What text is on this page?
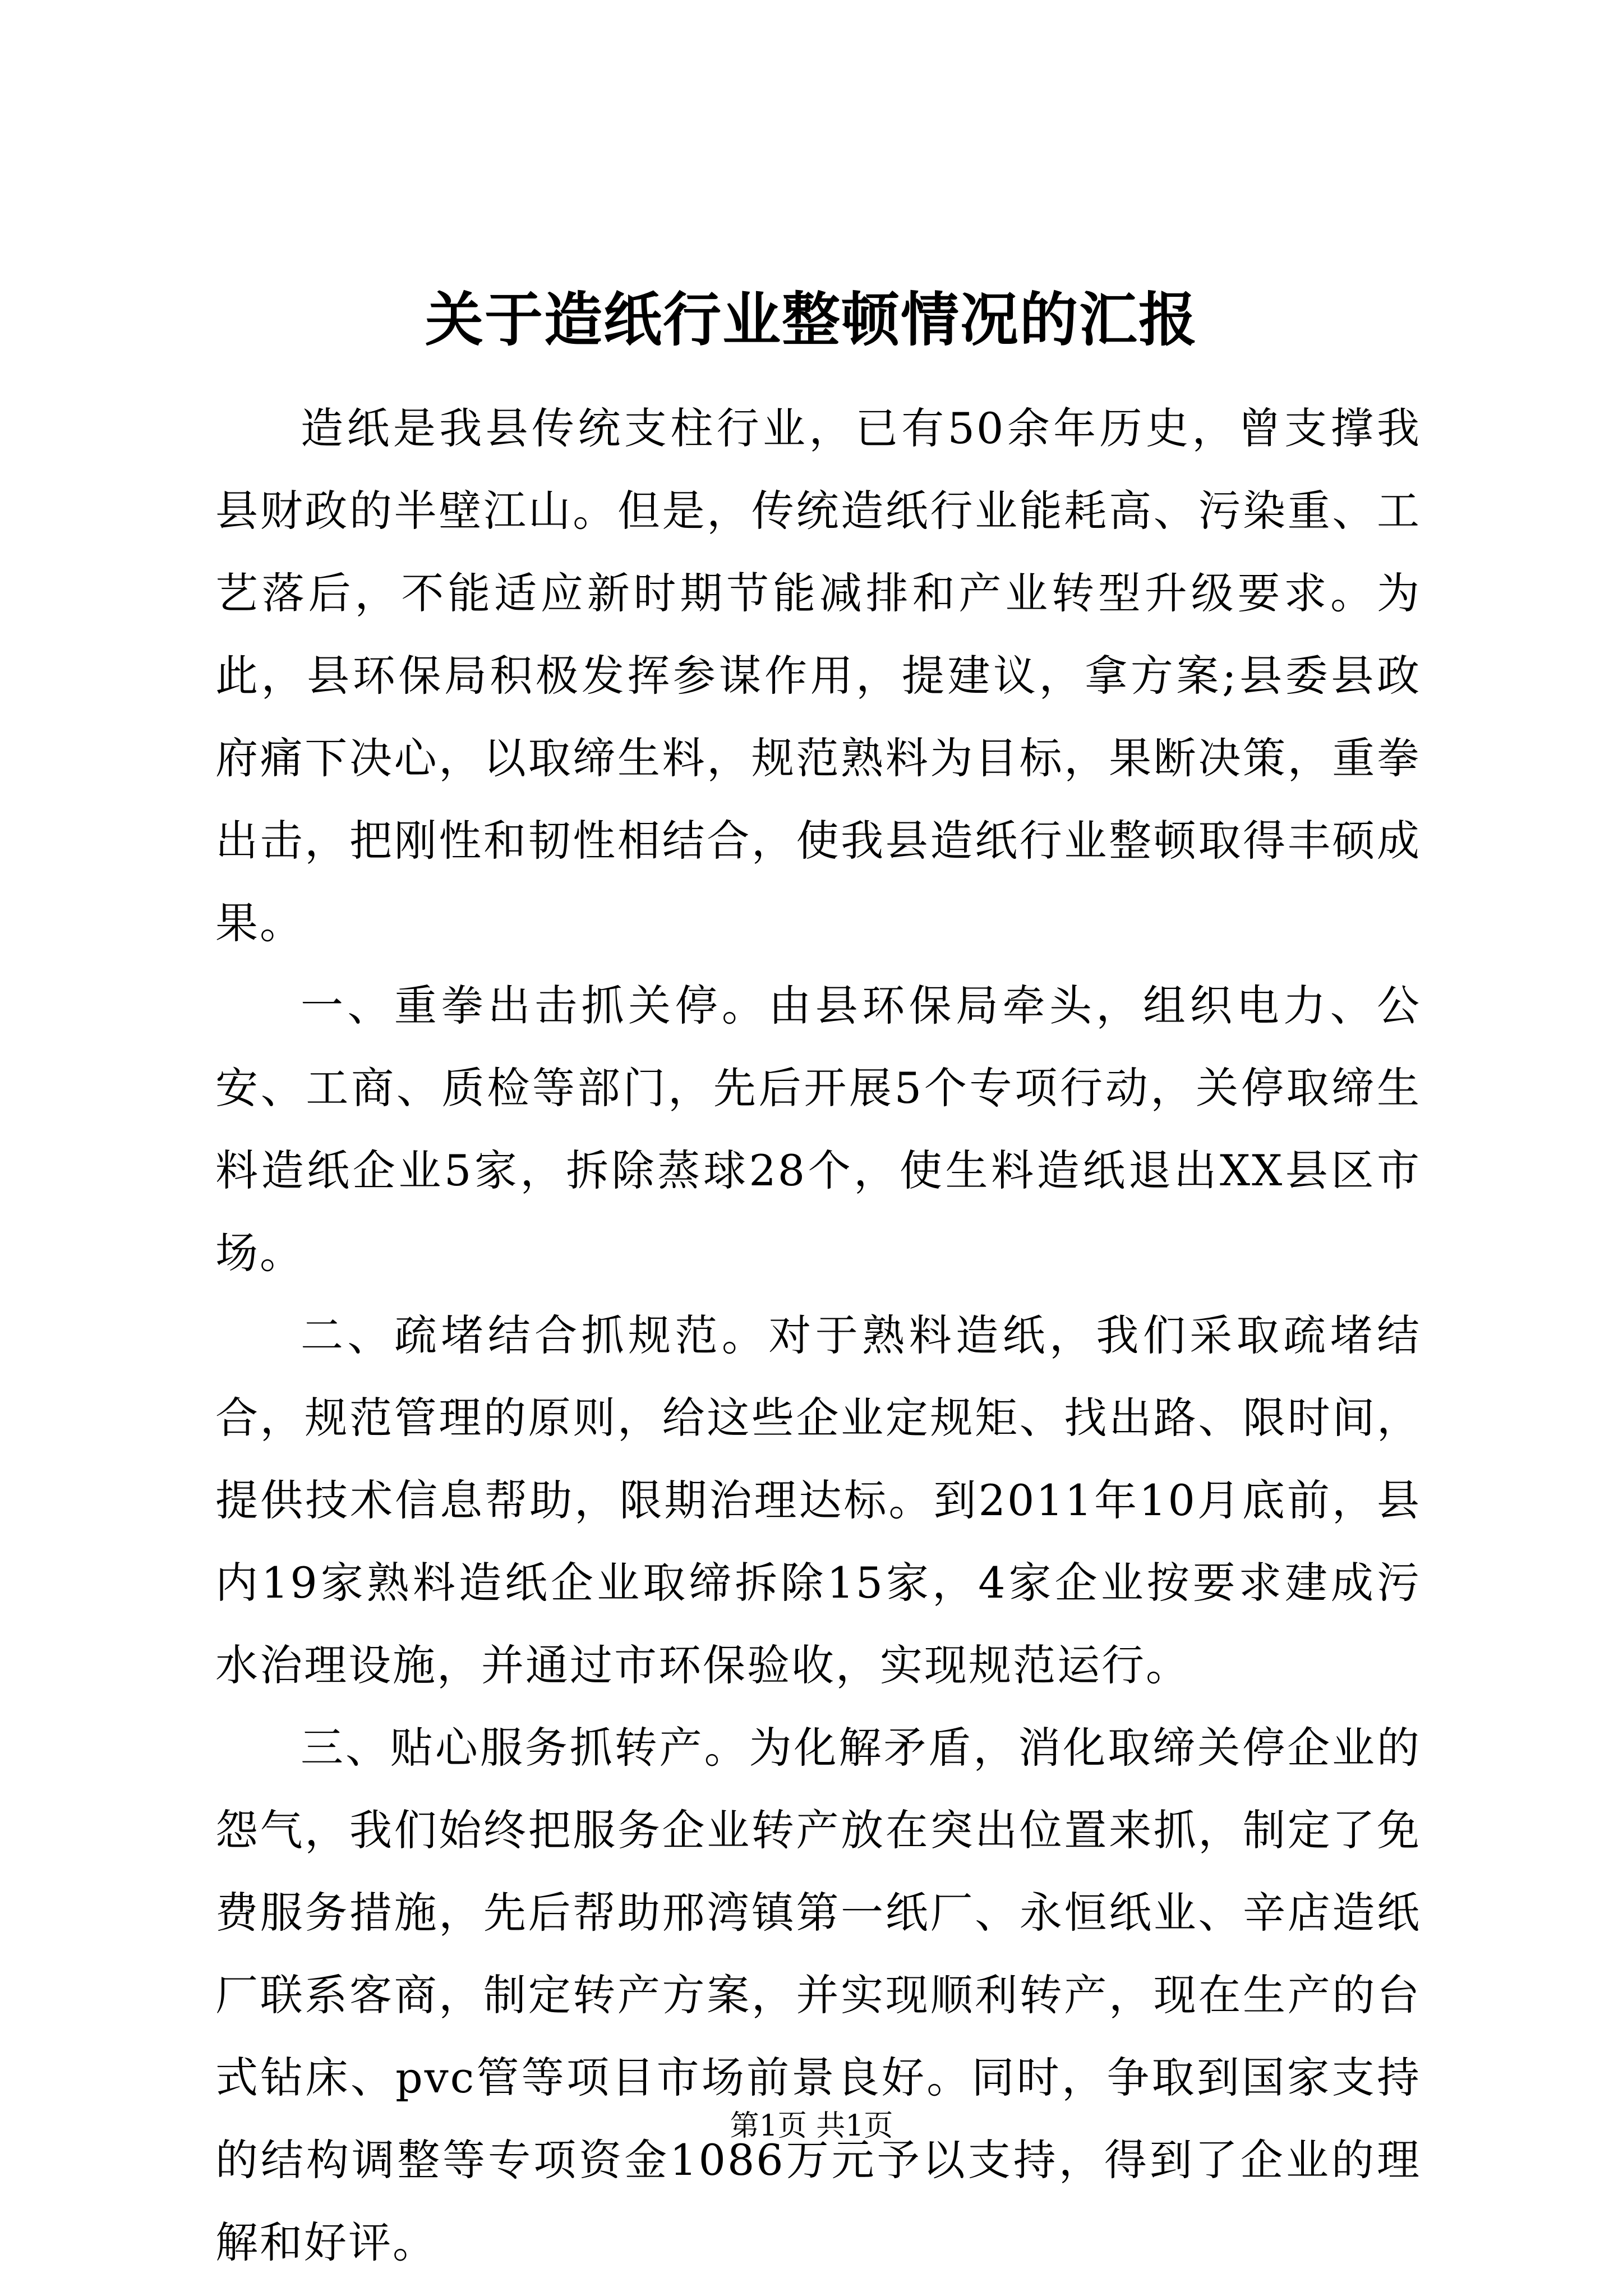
关于造纸行业整顿情况的汇报

造纸是我县传统支柱行业，已有50余年历史，曾支撑我县财政的半壁江山。但是，传统造纸行业能耗高、污染重、工艺落后，不能适应新时期节能减排和产业转型升级要求。为此，县环保局积极发挥参谋作用，提建议，拿方案;县委县政府痛下决心，以取缔生料，规范熟料为目标，果断决策，重拳出击，把刚性和韧性相结合，使我县造纸行业整顿取得丰硕成果。

一、重拳出击抓关停。由县环保局牵头，组织电力、公安、工商、质检等部门，先后开展5个专项行动，关停取缔生料造纸企业5家，拆除蒸球28个，使生料造纸退出XX县区市场。

二、疏堵结合抓规范。对于熟料造纸，我们采取疏堵结合，规范管理的原则，给这些企业定规矩、找出路、限时间，提供技术信息帮助，限期治理达标。到2011年10月底前，县内19家熟料造纸企业取缔拆除15家，4家企业按要求建成污水治理设施，并通过市环保验收，实现规范运行。

三、贴心服务抓转产。为化解矛盾，消化取缔关停企业的怨气，我们始终把服务企业转产放在突出位置来抓，制定了免费服务措施，先后帮助邢湾镇第一纸厂、永恒纸业、辛店造纸厂联系客商，制定转产方案，并实现顺利转产，现在生产的台式钻床、pvc管等项目市场前景良好。同时，争取到国家支持的结构调整等专项资金1086万元予以支持，得到了企业的理解和好评。

第1页 共1页
